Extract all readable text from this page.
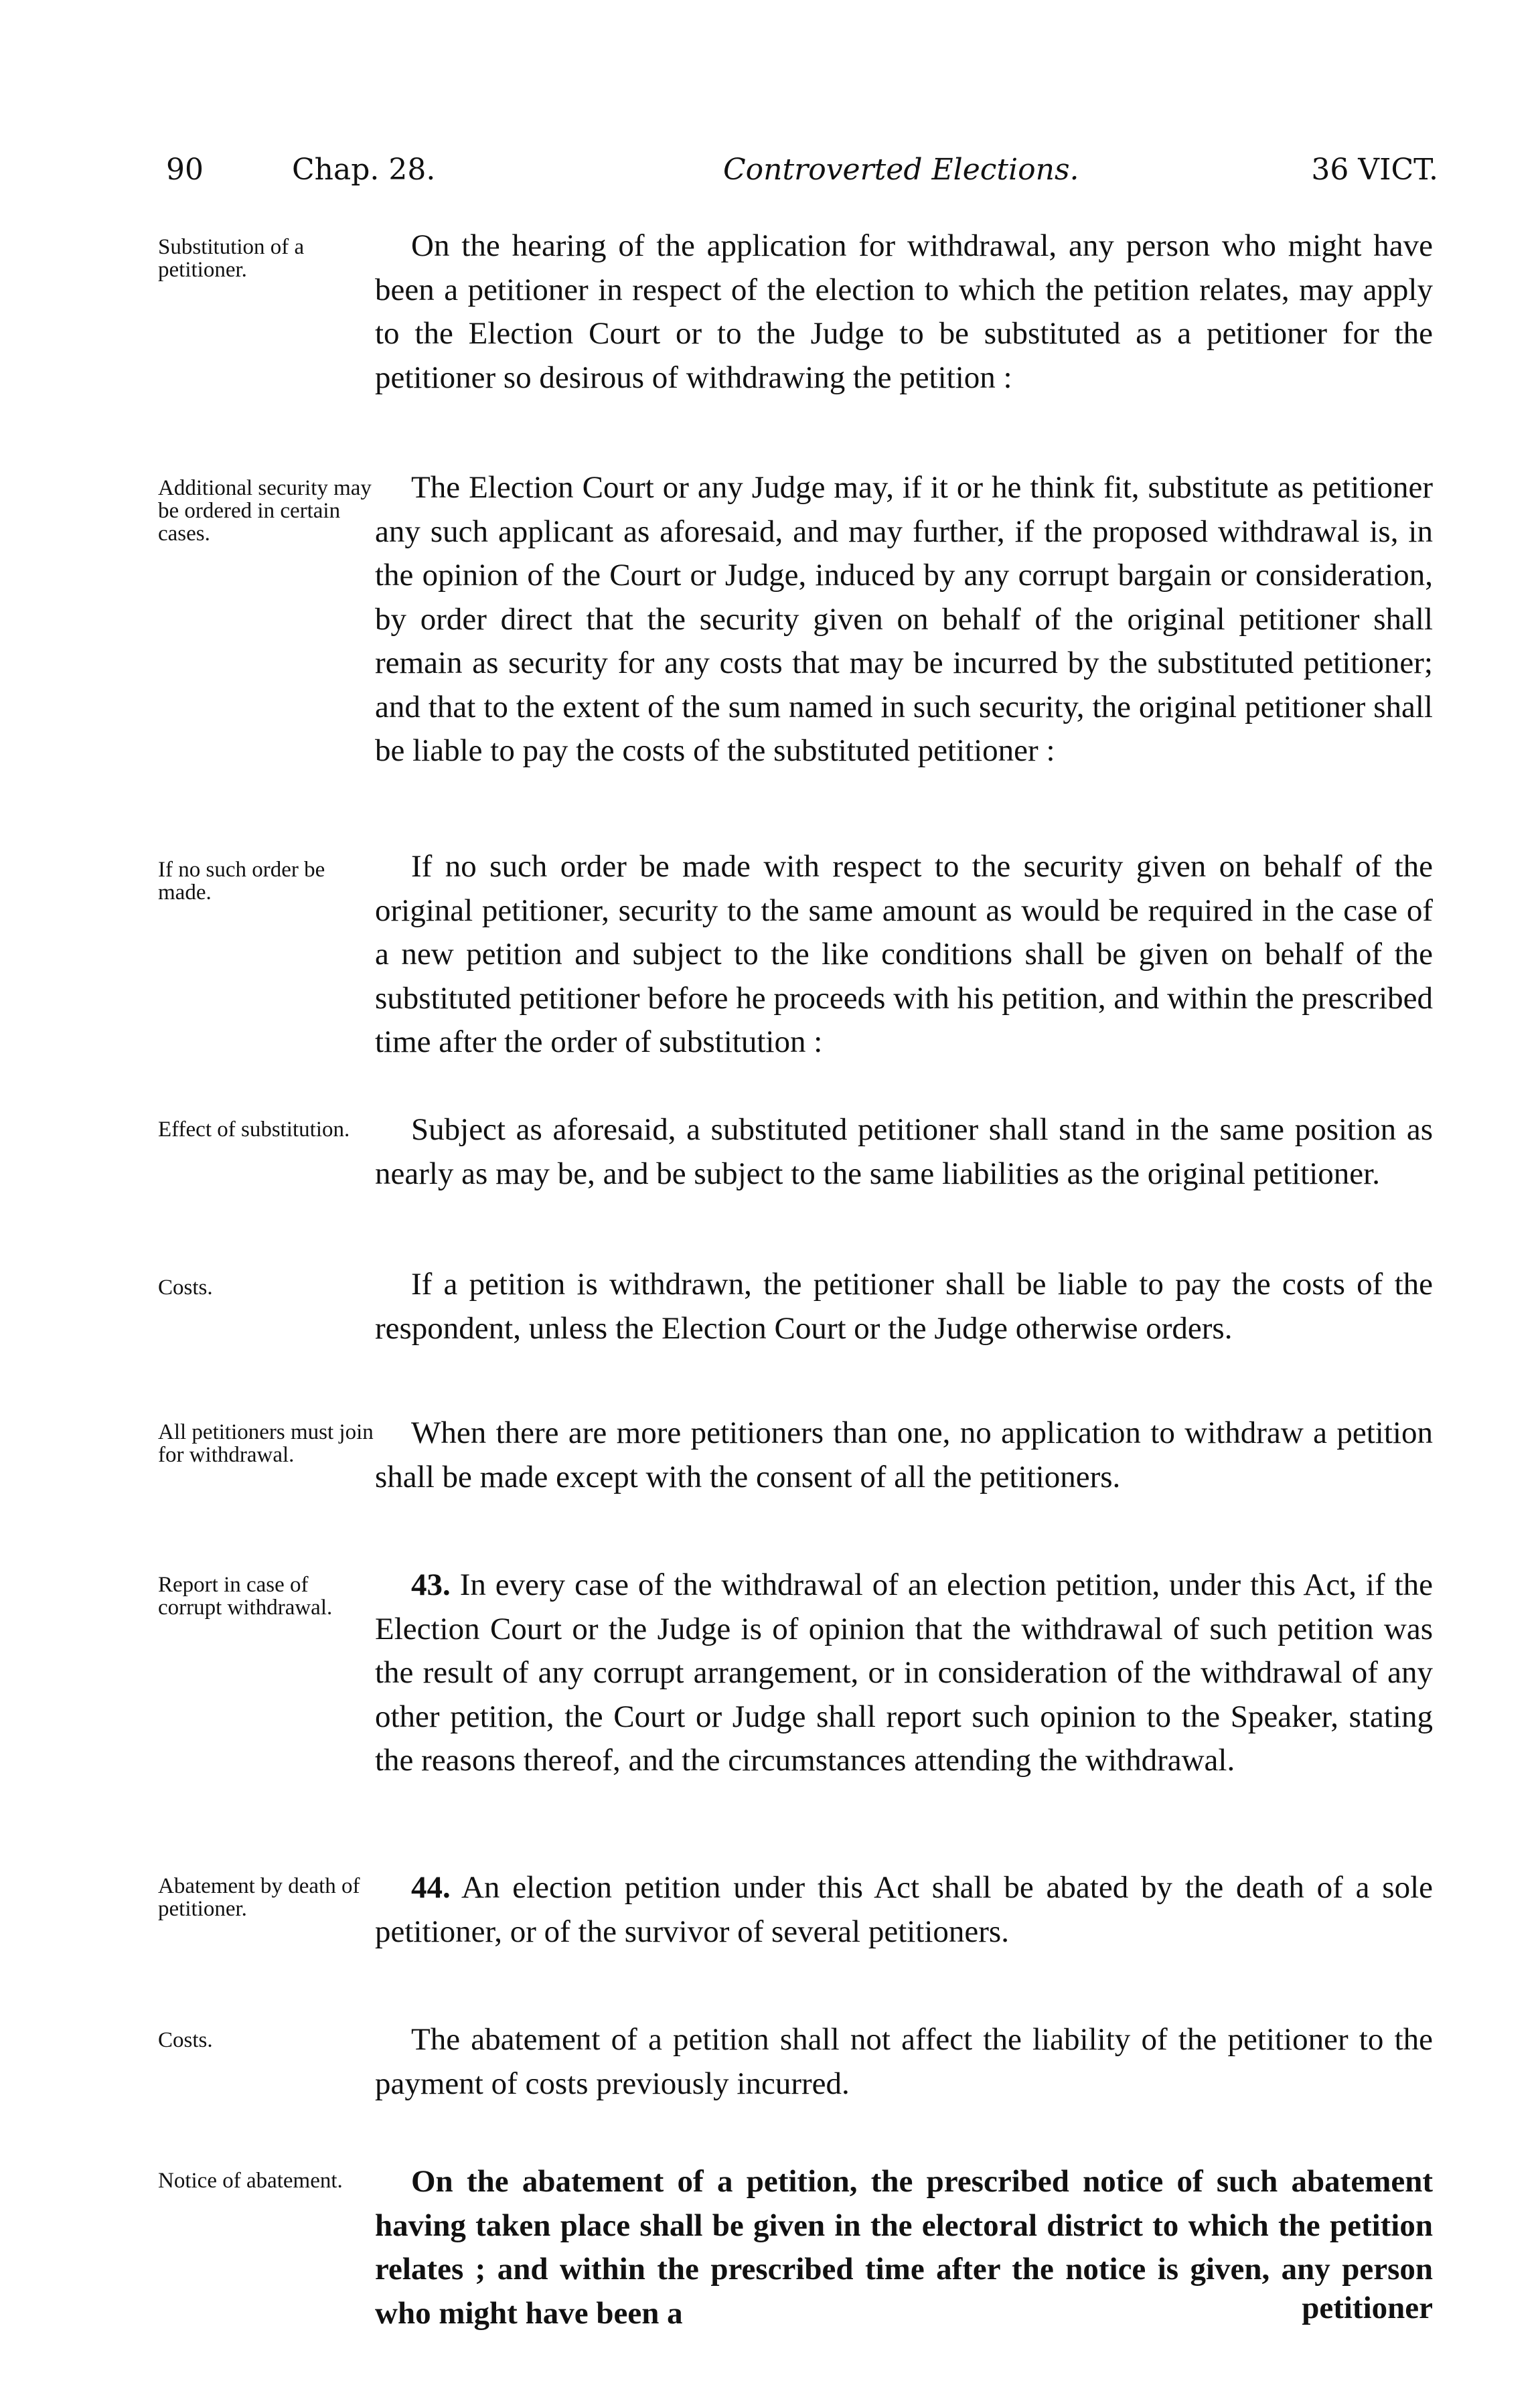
90	Chap. 28.	Controverted Elections.	36 VICT.
Substitution of a petitioner.
On the hearing of the application for withdrawal, any person who might have been a petitioner in respect of the election to which the petition relates, may apply to the Election Court or to the Judge to be substituted as a petitioner for the petitioner so desirous of withdrawing the petition :
Additional security may be ordered in certain cases.
The Election Court or any Judge may, if it or he think fit, substitute as petitioner any such applicant as aforesaid, and may further, if the proposed withdrawal is, in the opinion of the Court or Judge, induced by any corrupt bargain or consideration, by order direct that the security given on behalf of the original petitioner shall remain as security for any costs that may be incurred by the substituted petitioner; and that to the extent of the sum named in such security, the original petitioner shall be liable to pay the costs of the substituted petitioner :
If no such order be made.
If no such order be made with respect to the security given on behalf of the original petitioner, security to the same amount as would be required in the case of a new petition and subject to the like conditions shall be given on behalf of the substituted petitioner before he proceeds with his petition, and within the prescribed time after the order of substitution :
Effect of substitution.	Subject as aforesaid, a substituted petitioner shall stand in the same position as nearly as may be, and be subject to the same liabilities as the original petitioner.
Costs.	If a petition is withdrawn, the petitioner shall be liable to pay the costs of the respondent, unless the Election Court or the Judge otherwise orders.
All petitioners must join for withdrawal.
When there are more petitioners than one, no application to withdraw a petition shall be made except with the consent of all the petitioners.
Report in case of corrupt withdrawal.
43. In every case of the withdrawal of an election petition, under this Act, if the Election Court or the Judge is of opinion that the withdrawal of such petition was the result of any corrupt arrangement, or in consideration of the withdrawal of any other petition, the Court or Judge shall report such opinion to the Speaker, stating the reasons thereof, and the circumstances attending the withdrawal.
Abatement by death of petitioner.
44. An election petition under this Act shall be abated by the death of a sole petitioner, or of the survivor of several petitioners.
Costs.	The abatement of a petition shall not affect the liability of the petitioner to the payment of costs previously incurred.
Notice of abatement.	On the abatement of a petition, the prescribed notice of such abatement having taken place shall be given in the electoral district to which the petition relates ; and within the prescribed time after the notice is given, any person who might have been a	petitioner
